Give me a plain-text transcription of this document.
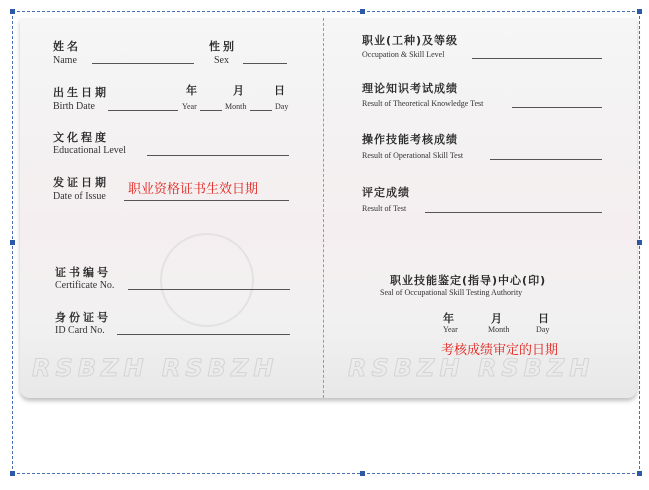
姓名
Name
性别
Sex
出生日期
Birth Date
年	月 日
Year	Month	Day
文化程度
Educational Level
发证日期
Date of Issue 职业资格证书生效日期
证书编号
Certificate No.
身份证号
ID Card No.
RSBZH RSBZH
职业(工种)及等级
Occupation & Skill Level
理论知识考试成绩
Result of Theoretical Knowledge Test
操作技能考核成绩
Result of Operational Skill Test
评定成绩
Result of Test
职业技能鉴定(指导)中心(印)
Seal of Occupational Skill Testing Authority
年	月	日
Year	Month	Day
考核成绩审定的日期
RSBZH RSBZH
